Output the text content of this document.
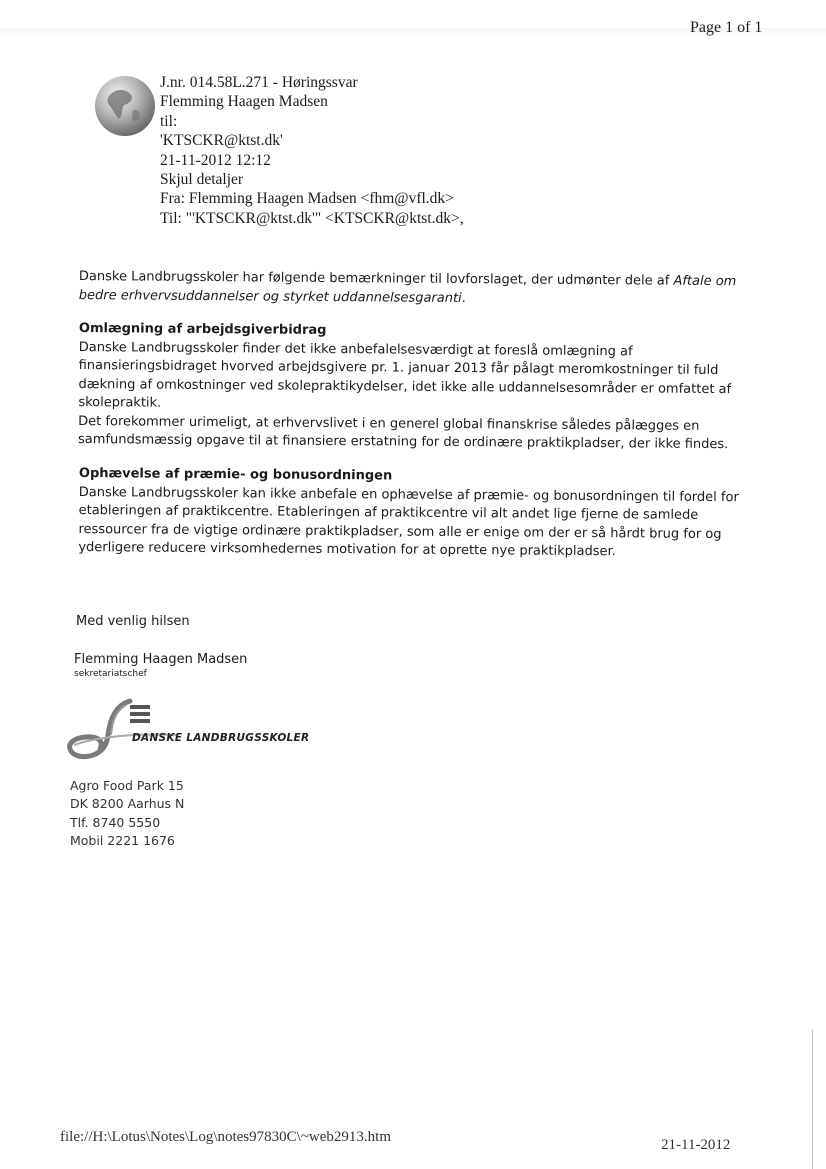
Page 1 of 1
J.nr. 014.58L.271 - Høringssvar
Flemming Haagen Madsen
til:
'KTSCKR@ktst.dk'
21-11-2012 12:12
Skjul detaljer
Fra: Flemming Haagen Madsen <fhm@vfl.dk>
Til: "'KTSCKR@ktst.dk'" <KTSCKR@ktst.dk>,
Danske Landbrugsskoler har følgende bemærkninger til lovforslaget, der udmønter dele af Aftale om bedre erhvervsuddannelser og styrket uddannelsesgaranti.
Omlægning af arbejdsgiverbidrag
Danske Landbrugsskoler finder det ikke anbefalelsesværdigt at foreslå omlægning af finansieringsbidraget hvorved arbejdsgivere pr. 1. januar 2013 får pålagt meromkostninger til fuld dækning af omkostninger ved skolepraktikydelser, idet ikke alle uddannelsesområder er omfattet af skolepraktik.
Det forekommer urimeligt, at erhvervslivet i en generel global finanskrise således pålægges en samfundsmæssig opgave til at finansiere erstatning for de ordinære praktikpladser, der ikke findes.
Ophævelse af præmie- og bonusordningen
Danske Landbrugsskoler kan ikke anbefale en ophævelse af præmie- og bonusordningen til fordel for etableringen af praktikcentre. Etableringen af praktikcentre vil alt andet lige fjerne de samlede ressourcer fra de vigtige ordinære praktikpladser, som alle er enige om der er så hårdt brug for og yderligere reducere virksomhedernes motivation for at oprette nye praktikpladser.
Med venlig hilsen
Flemming Haagen Madsen
sekretariatschef
DANSKE LANDBRUGSSKOLER
Agro Food Park 15
DK 8200 Aarhus N
Tlf. 8740 5550
Mobil 2221 1676
file://H:\Lotus\Notes\Log\notes97830C\~web2913.htm	21-11-2012
